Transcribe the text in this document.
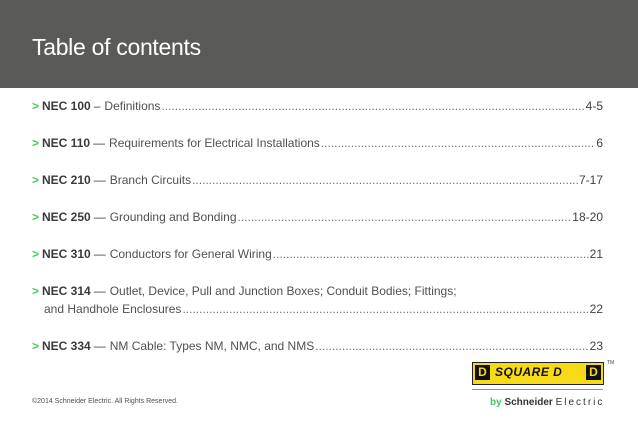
Table of contents
> NEC 100 – Definitions .....	4-5
> NEC 110 — Requirements for Electrical Installations .....	6
> NEC 210 — Branch Circuits .....	7-17
> NEC 250 — Grounding and Bonding .....	18-20
> NEC 310 — Conductors for General Wiring .....	21
> NEC 314 — Outlet, Device, Pull and Junction Boxes; Conduit Bodies; Fittings;
and Handhole Enclosures .....	22
> NEC 334 — NM Cable: Types NM, NMC, and NMS .....	23
©2014 Schneider Electric. All Rights Reserved.
D SQUARE D D
TM
by Schneider Electric
